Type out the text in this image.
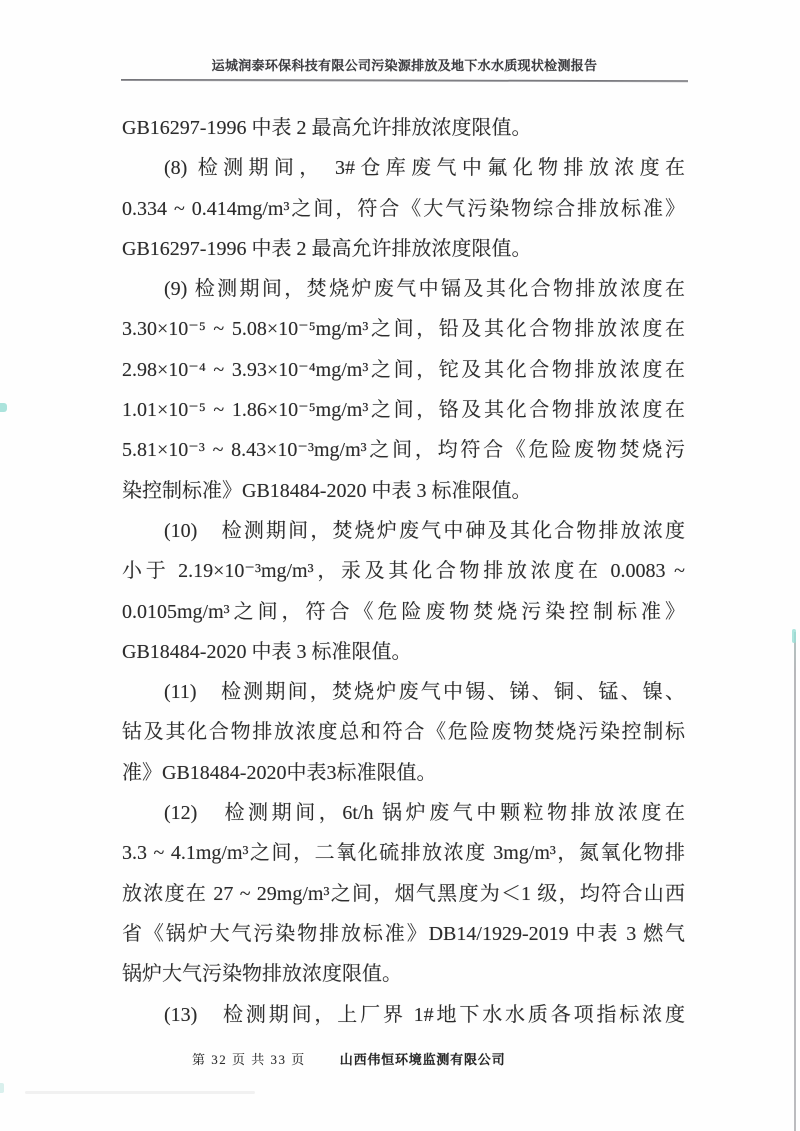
运城润泰环保科技有限公司污染源排放及地下水水质现状检测报告
GB16297-1996 中表 2 最高允许排放浓度限值。
(8) 检测期间， 3#仓库废气中氟化物排放浓度在
0.334 ~ 0.414mg/m³之间，符合《大气污染物综合排放标准》
GB16297-1996 中表 2 最高允许排放浓度限值。
(9) 检测期间，焚烧炉废气中镉及其化合物排放浓度在
3.30×10⁻⁵ ~ 5.08×10⁻⁵mg/m³之间，铅及其化合物排放浓度在
2.98×10⁻⁴ ~ 3.93×10⁻⁴mg/m³之间，铊及其化合物排放浓度在
1.01×10⁻⁵ ~ 1.86×10⁻⁵mg/m³之间，铬及其化合物排放浓度在
5.81×10⁻³ ~ 8.43×10⁻³mg/m³之间，均符合《危险废物焚烧污
染控制标准》GB18484-2020 中表 3 标准限值。
(10)　检测期间，焚烧炉废气中砷及其化合物排放浓度
小于 2.19×10⁻³mg/m³，汞及其化合物排放浓度在 0.0083 ~
0.0105mg/m³之间，符合《危险废物焚烧污染控制标准》
GB18484-2020 中表 3 标准限值。
(11)　检测期间，焚烧炉废气中锡、锑、铜、锰、镍、
钴及其化合物排放浓度总和符合《危险废物焚烧污染控制标
准》GB18484-2020中表3标准限值。
(12)　检测期间，6t/h 锅炉废气中颗粒物排放浓度在
3.3 ~ 4.1mg/m³之间，二氧化硫排放浓度 3mg/m³，氮氧化物排
放浓度在 27 ~ 29mg/m³之间，烟气黑度为＜1 级，均符合山西
省《锅炉大气污染物排放标准》DB14/1929-2019 中表 3 燃气
锅炉大气污染物排放浓度限值。
(13)　检测期间，上厂界 1#地下水水质各项指标浓度
第 32 页 共 33 页	山西伟恒环境监测有限公司
